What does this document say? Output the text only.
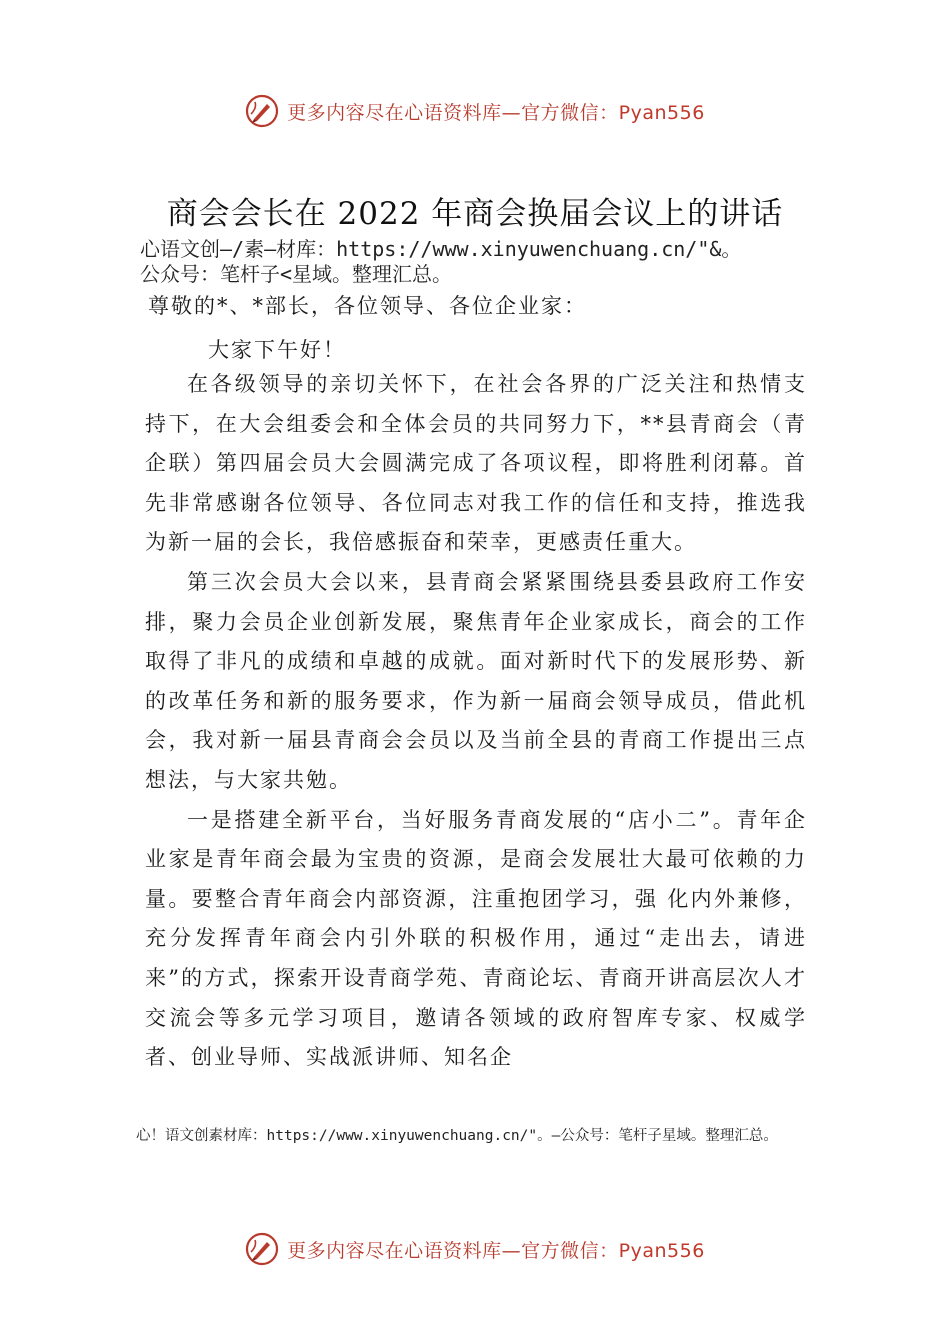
更多内容尽在心语资料库—官方微信：Pyan556
商会会长在 2022 年商会换届会议上的讲话
心语文创—/素—材库：https://www.xinyuwenchuang.cn/"&。
公众号：笔杆子<星域。整理汇总。
尊敬的*、*部长，各位领导、各位企业家：
大家下午好！

在各级领导的亲切关怀下，在社会各界的广泛关注和热情支持下，在大会组委会和全体会员的共同努力下，**县青商会（青企联）第四届会员大会圆满完成了各项议程，即将胜利闭幕。首先非常感谢各位领导、各位同志对我工作的信任和支持，推选我为新一届的会长，我倍感振奋和荣幸，更感责任重大。

第三次会员大会以来，县青商会紧紧围绕县委县政府工作安排，聚力会员企业创新发展，聚焦青年企业家成长，商会的工作取得了非凡的成绩和卓越的成就。面对新时代下的发展形势、新的改革任务和新的服务要求，作为新一届商会领导成员，借此机会，我对新一届县青商会会员以及当前全县的青商工作提出三点想法，与大家共勉。

一是搭建全新平台，当好服务青商发展的“店小二”。青年企业家是青年商会最为宝贵的资源，是商会发展壮大最可依赖的力量。要整合青年商会内部资源，注重抱团学习，强 化内外兼修，充分发挥青年商会内引外联的积极作用，通过“走出去，请进来”的方式，探索开设青商学苑、青商论坛、青商开讲高层次人才交流会等多元学习项目，邀请各领域的政府智库专家、权威学者、创业导师、实战派讲师、知名企

心！语文创素材库：https://www.xinyuwenchuang.cn/"。—公众号：笔杆子星域。整理汇总。
更多内容尽在心语资料库—官方微信：Pyan556
